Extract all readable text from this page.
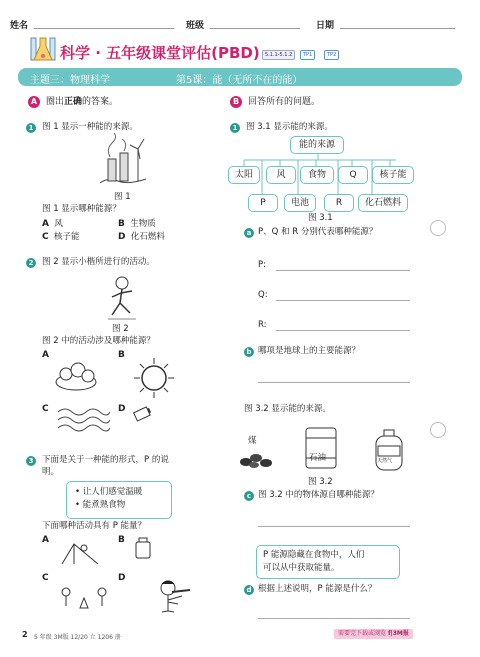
姓名	班级	日期
科学 · 五年级课堂评估(PBD)	5.1.1-5.1.2	TP1	TP2
主题三：物理科学	第5课：能（无所不在的能）
A 圈出正确的答案。
1	图 1 显示一种能的来源。
图 1
图 1 显示哪种能源？
A 风	B 生物质
C 核子能	D 化石燃料
2	图 2 显示小楷所进行的活动。
图 2
图 2 中的活动涉及哪种能源？
A	B
C	D
3	下面是关于一种能的形式，P 的说
明。
• 让人们感觉温暖
• 能煮熟食物
下面哪种活动具有 P 能量？
A	B
C	D
B 回答所有的问题。
1	图 3.1 显示能的来源。
能的来源
太阳	风	食物	Q	核子能
P	电池	R	化石燃料
图 3.1
a P、Q 和 R 分别代表哪种能源？
P:
Q:
R:
b 哪项是地球上的主要能源？
图 3.2 显示能的来源。
煤
石油	天然气
图 3.2
c 图 3.2 中的物体源自哪种能源？
P 能源隐藏在食物中，人们
可以从中获取能量。
d 根据上述说明，P 能源是什么？
2 5 年级 3M版 12/20 立 1206 册
需要完下载或浏览 f|3M报
